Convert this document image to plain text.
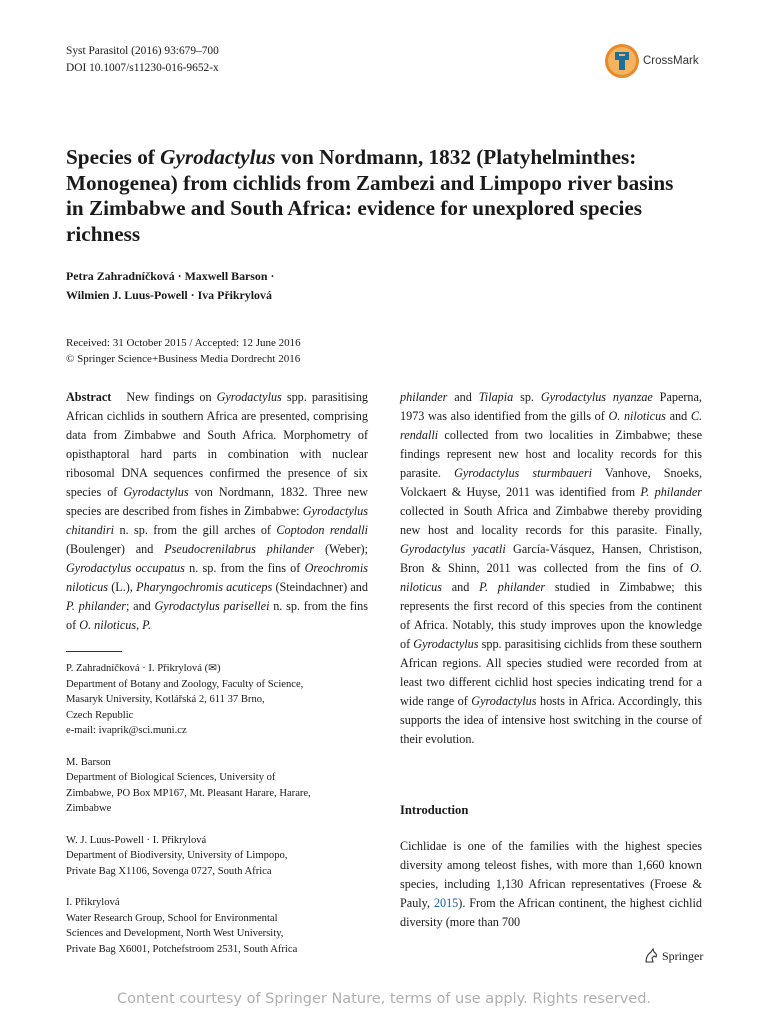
Syst Parasitol (2016) 93:679–700
DOI 10.1007/s11230-016-9652-x
CrossMark
Species of Gyrodactylus von Nordmann, 1832 (Platyhelminthes: Monogenea) from cichlids from Zambezi and Limpopo river basins in Zimbabwe and South Africa: evidence for unexplored species richness
Petra Zahradníčková · Maxwell Barson ·
Wilmien J. Luus-Powell · Iva Přikrylová
Received: 31 October 2015 / Accepted: 12 June 2016
© Springer Science+Business Media Dordrecht 2016
Abstract New findings on Gyrodactylus spp. parasitising African cichlids in southern Africa are presented, comprising data from Zimbabwe and South Africa. Morphometry of opisthaptoral hard parts in combination with nuclear ribosomal DNA sequences confirmed the presence of six species of Gyrodactylus von Nordmann, 1832. Three new species are described from fishes in Zimbabwe: Gyrodactylus chitandiri n. sp. from the gill arches of Coptodon rendalli (Boulenger) and Pseudocrenilabrus philander (Weber); Gyrodactylus occupatus n. sp. from the fins of Oreochromis niloticus (L.), Pharyngochromis acuticeps (Steindachner) and P. philander; and Gyrodactylus parisellei n. sp. from the fins of O. niloticus, P.
philander and Tilapia sp. Gyrodactylus nyanzae Paperna, 1973 was also identified from the gills of O. niloticus and C. rendalli collected from two localities in Zimbabwe; these findings represent new host and locality records for this parasite. Gyrodactylus sturmbaueri Vanhove, Snoeks, Volckaert & Huyse, 2011 was identified from P. philander collected in South Africa and Zimbabwe thereby providing new host and locality records for this parasite. Finally, Gyrodactylus yacatli García-Vásquez, Hansen, Christison, Bron & Shinn, 2011 was collected from the fins of O. niloticus and P. philander studied in Zimbabwe; this represents the first record of this species from the continent of Africa. Notably, this study improves upon the knowledge of Gyrodactylus spp. parasitising cichlids from these southern African regions. All species studied were recorded from at least two different cichlid host species indicating trend for a wide range of Gyrodactylus hosts in Africa. Accordingly, this supports the idea of intensive host switching in the course of their evolution.
P. Zahradníčková · I. Přikrylová (✉)
Department of Botany and Zoology, Faculty of Science,
Masaryk University, Kotlářská 2, 611 37 Brno,
Czech Republic
e-mail: ivaprik@sci.muni.cz
M. Barson
Department of Biological Sciences, University of
Zimbabwe, PO Box MP167, Mt. Pleasant Harare, Harare,
Zimbabwe
W. J. Luus-Powell · I. Přikrylová
Department of Biodiversity, University of Limpopo,
Private Bag X1106, Sovenga 0727, South Africa
I. Přikrylová
Water Research Group, School for Environmental
Sciences and Development, North West University,
Private Bag X6001, Potchefstroom 2531, South Africa
Introduction
Cichlidae is one of the families with the highest species diversity among teleost fishes, with more than 1,660 known species, including 1,130 African representatives (Froese & Pauly, 2015). From the African continent, the highest cichlid diversity (more than 700
Springer
Content courtesy of Springer Nature, terms of use apply. Rights reserved.
